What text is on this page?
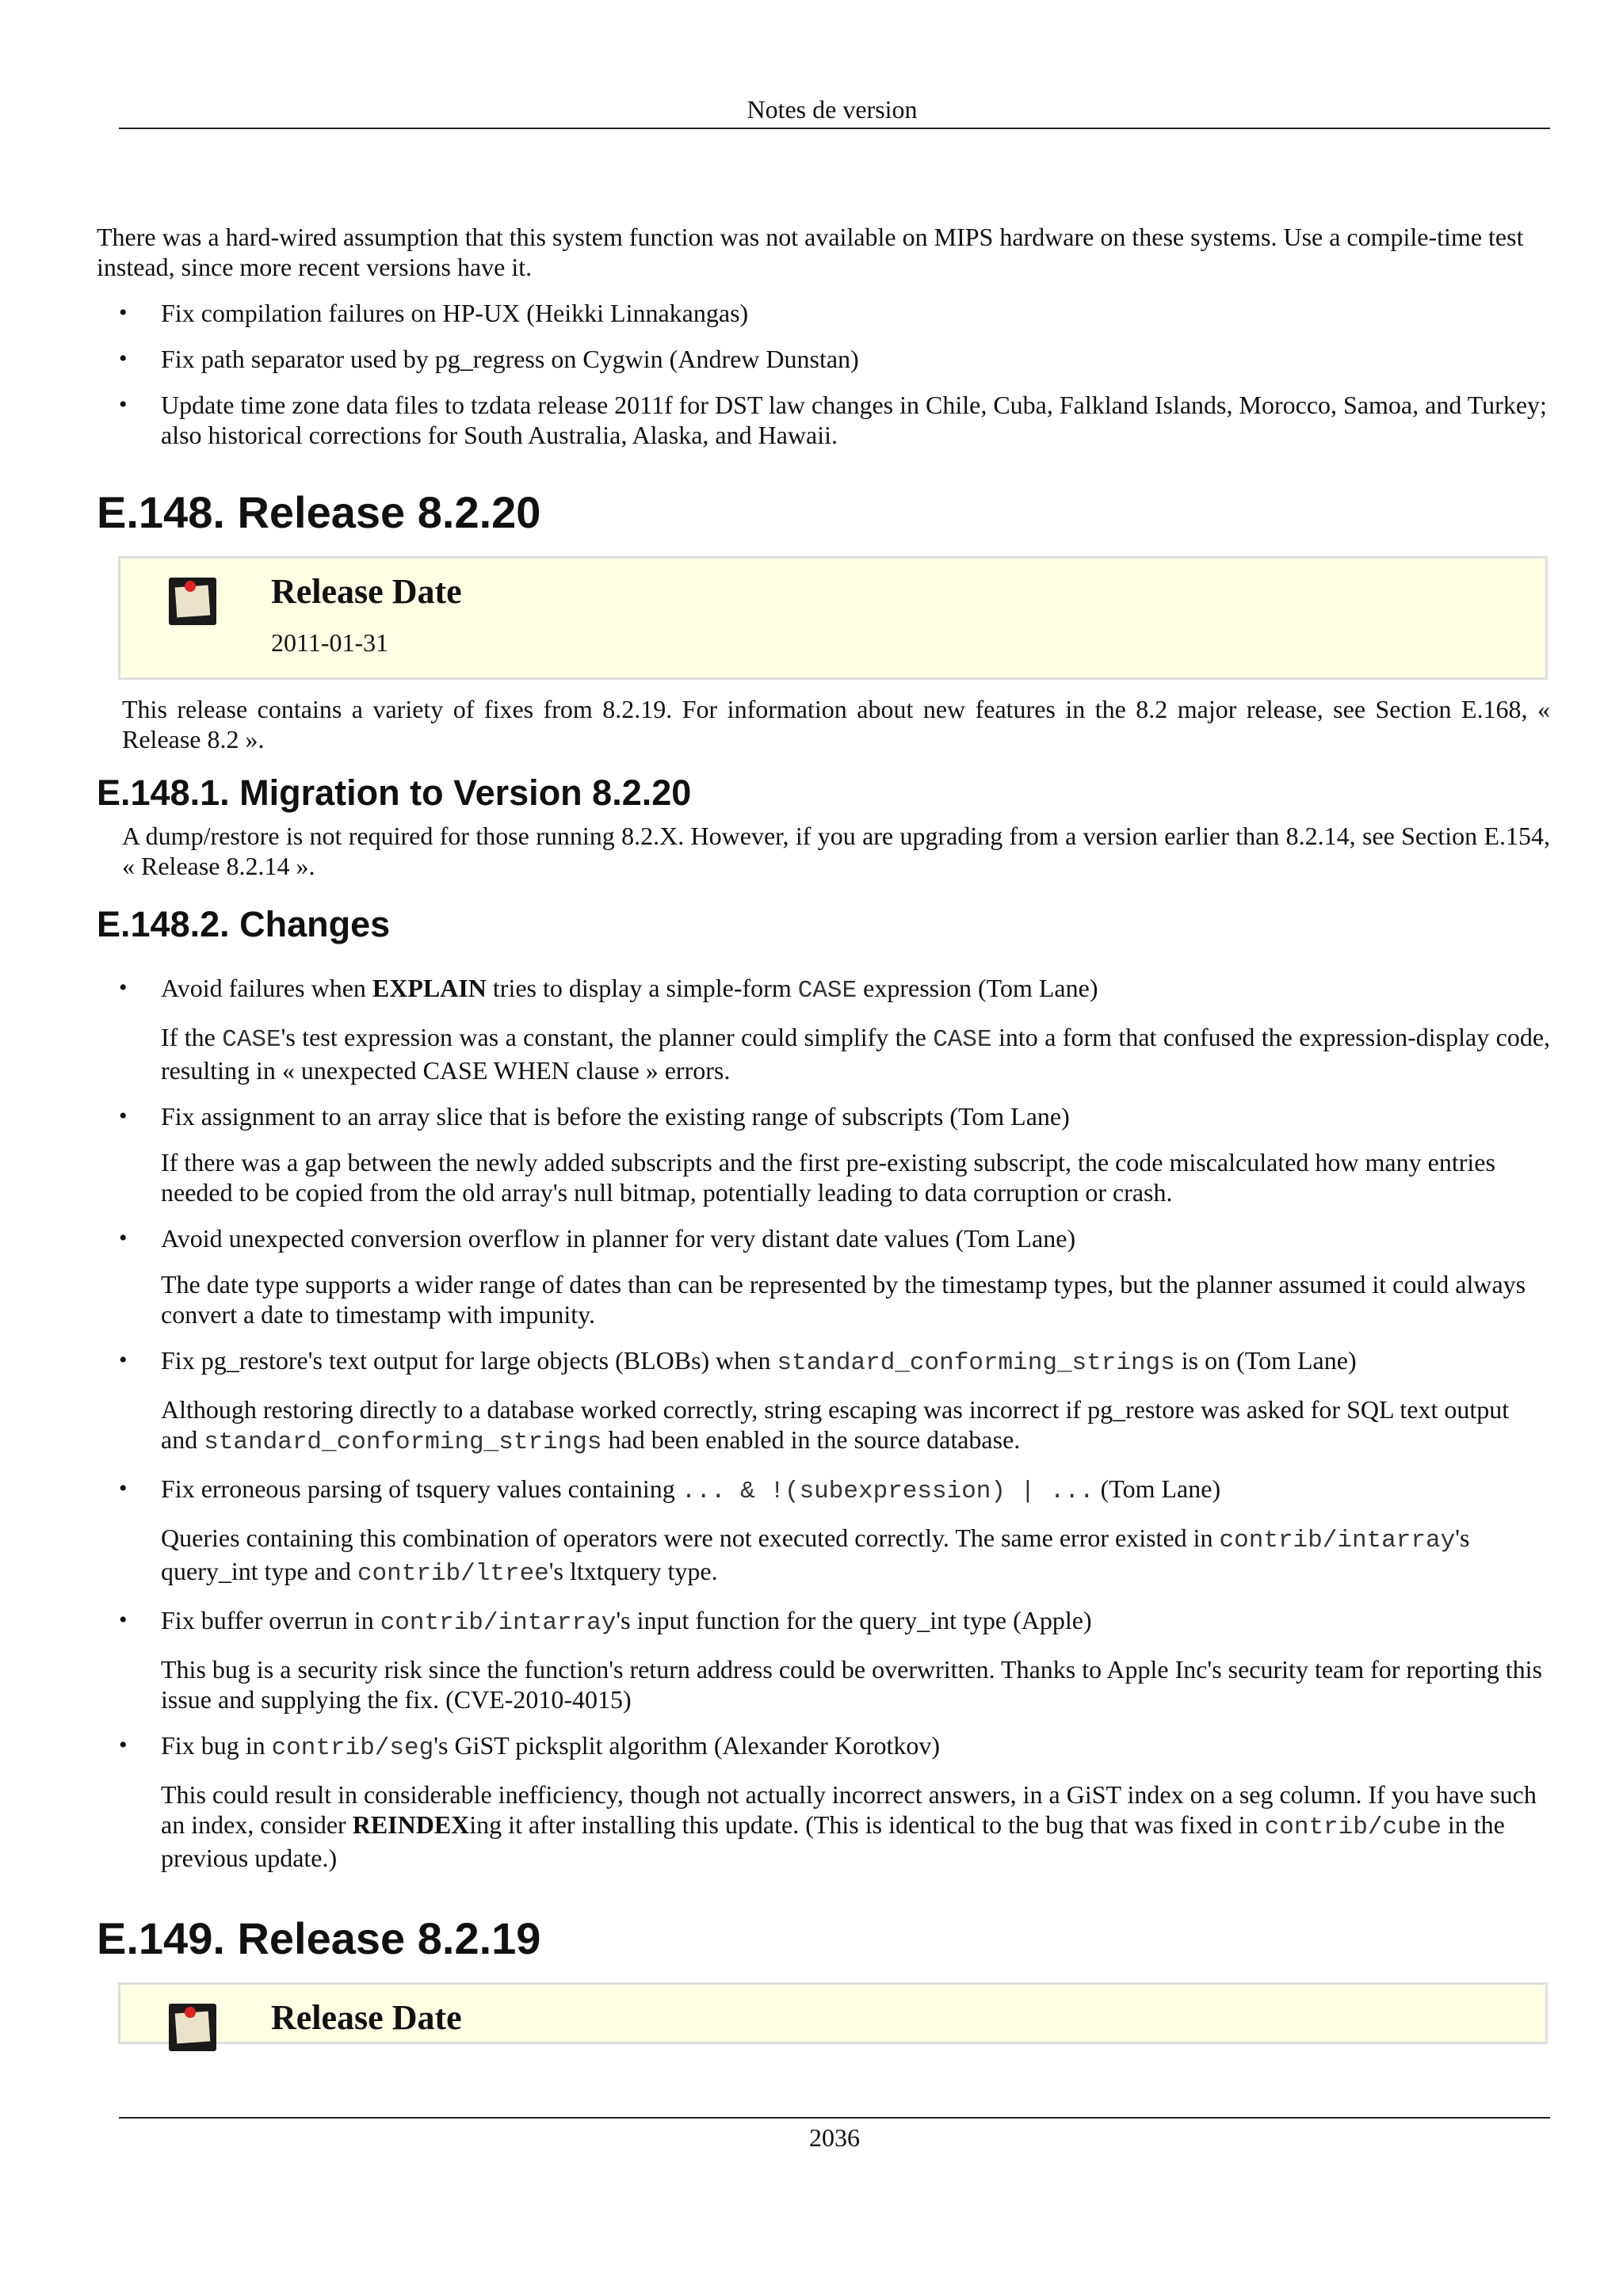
Notes de version

There was a hard-wired assumption that this system function was not available on MIPS hardware on these systems. Use a compile-time test instead, since more recent versions have it.

• Fix compilation failures on HP-UX (Heikki Linnakangas)
• Fix path separator used by pg_regress on Cygwin (Andrew Dunstan)
• Update time zone data files to tzdata release 2011f for DST law changes in Chile, Cuba, Falkland Islands, Morocco, Samoa, and Turkey; also historical corrections for South Australia, Alaska, and Hawaii.
E.148. Release 8.2.20
Release Date
2011-01-31

This release contains a variety of fixes from 8.2.19. For information about new features in the 8.2 major release, see Section E.168, « Release 8.2 ».

E.148.1. Migration to Version 8.2.20

A dump/restore is not required for those running 8.2.X. However, if you are upgrading from a version earlier than 8.2.14, see Section E.154, « Release 8.2.14 ».

E.148.2. Changes
• Avoid failures when EXPLAIN tries to display a simple-form CASE expression (Tom Lane)
If the CASE's test expression was a constant, the planner could simplify the CASE into a form that confused the expression-display code, resulting in « unexpected CASE WHEN clause » errors.
• Fix assignment to an array slice that is before the existing range of subscripts (Tom Lane)
If there was a gap between the newly added subscripts and the first pre-existing subscript, the code miscalculated how many entries needed to be copied from the old array's null bitmap, potentially leading to data corruption or crash.
• Avoid unexpected conversion overflow in planner for very distant date values (Tom Lane)
The date type supports a wider range of dates than can be represented by the timestamp types, but the planner assumed it could always convert a date to timestamp with impunity.
• Fix pg_restore's text output for large objects (BLOBs) when standard_conforming_strings is on (Tom Lane)
Although restoring directly to a database worked correctly, string escaping was incorrect if pg_restore was asked for SQL text output and standard_conforming_strings had been enabled in the source database.
• Fix erroneous parsing of tsquery values containing ... & !(subexpression) | ... (Tom Lane)
Queries containing this combination of operators were not executed correctly. The same error existed in contrib/intarray's query_int type and contrib/ltree's ltxtquery type.
• Fix buffer overrun in contrib/intarray's input function for the query_int type (Apple)
This bug is a security risk since the function's return address could be overwritten. Thanks to Apple Inc's security team for reporting this issue and supplying the fix. (CVE-2010-4015)
• Fix bug in contrib/seg's GiST picksplit algorithm (Alexander Korotkov)
This could result in considerable inefficiency, though not actually incorrect answers, in a GiST index on a seg column. If you have such an index, consider REINDEXing it after installing this update. (This is identical to the bug that was fixed in contrib/cube in the previous update.)
E.149. Release 8.2.19
Release Date
2036
